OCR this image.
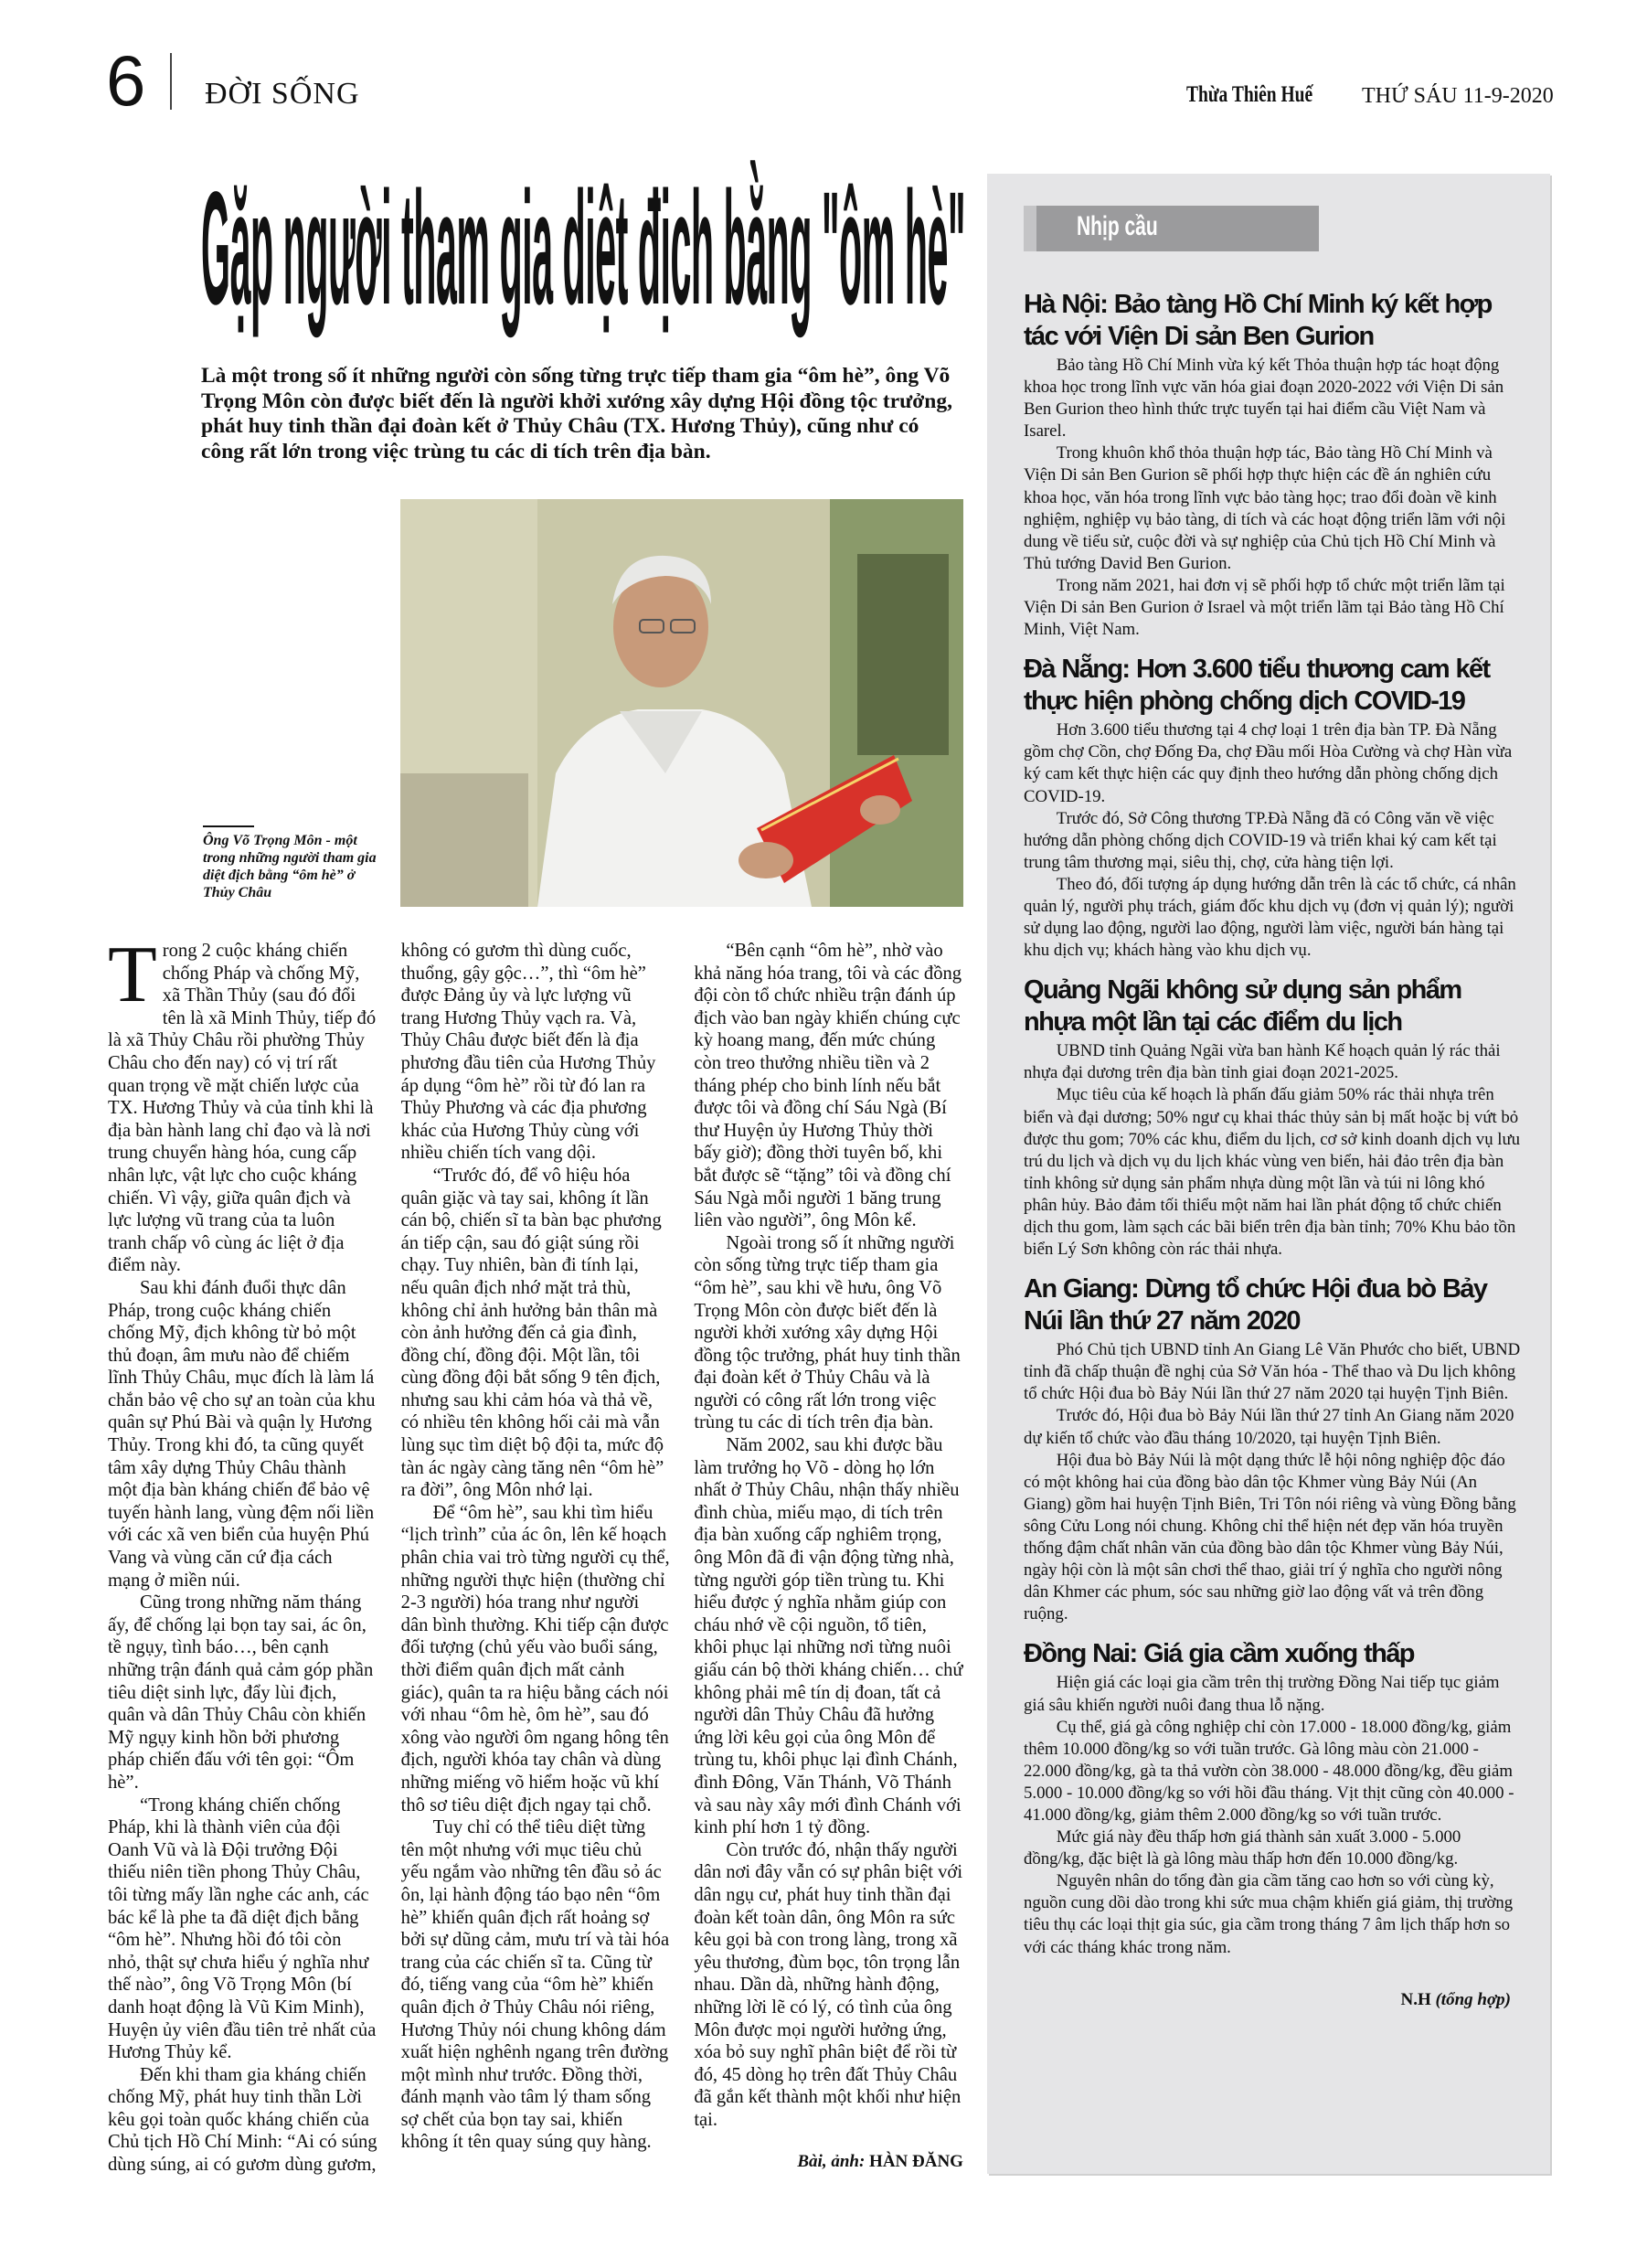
6 ĐỜI SỐNG	Thừa Thiên Huế THỨ SÁU 11-9-2020
Gặp người tham gia diệt địch bằng "ôm hè"
Là một trong số ít những người còn sống từng trực tiếp tham gia “ôm hè”, ông Võ Trọng Môn còn được biết đến là người khởi xướng xây dựng Hội đồng tộc trưởng, phát huy tinh thần đại đoàn kết ở Thủy Châu (TX. Hương Thủy), cũng như có công rất lớn trong việc trùng tu các di tích trên địa bàn.
Ông Võ Trọng Môn - một trong những người tham gia diệt địch bằng “ôm hè” ở Thủy Châu

Trong 2 cuộc kháng chiến chống Pháp và chống Mỹ, xã Thần Thủy (sau đó đổi tên là xã Minh Thủy, tiếp đó là xã Thủy Châu rồi phường Thủy Châu cho đến nay) có vị trí rất quan trọng về mặt chiến lược của TX. Hương Thủy và của tỉnh khi là địa bàn hành lang chỉ đạo và là nơi trung chuyển hàng hóa, cung cấp nhân lực, vật lực cho cuộc kháng chiến. Vì vậy, giữa quân địch và lực lượng vũ trang của ta luôn tranh chấp vô cùng ác liệt ở địa điểm này.

Sau khi đánh đuổi thực dân Pháp, trong cuộc kháng chiến chống Mỹ, địch không từ bỏ một thủ đoạn, âm mưu nào để chiếm lĩnh Thủy Châu, mục đích là làm lá chắn bảo vệ cho sự an toàn của khu quân sự Phú Bài và quận lỵ Hương Thủy. Trong khi đó, ta cũng quyết tâm xây dựng Thủy Châu thành một địa bàn kháng chiến để bảo vệ tuyến hành lang, vùng đệm nối liền với các xã ven biển của huyện Phú Vang và vùng căn cứ địa cách mạng ở miền núi.

Cũng trong những năm tháng ấy, để chống lại bọn tay sai, ác ôn, tề ngụy, tình báo…, bên cạnh những trận đánh quả cảm góp phần tiêu diệt sinh lực, đẩy lùi địch, quân và dân Thủy Châu còn khiến Mỹ ngụy kinh hồn bởi phương pháp chiến đấu với tên gọi: “Ôm hè”.

“Trong kháng chiến chống Pháp, khi là thành viên của đội Oanh Vũ và là Đội trưởng Đội thiếu niên tiền phong Thủy Châu, tôi từng mấy lần nghe các anh, các bác kể là phe ta đã diệt địch bằng “ôm hè”. Nhưng hồi đó tôi còn nhỏ, thật sự chưa hiểu ý nghĩa như thế nào”, ông Võ Trọng Môn (bí danh hoạt động là Vũ Kim Minh), Huyện ủy viên đầu tiên trẻ nhất của Hương Thủy kể.

Đến khi tham gia kháng chiến chống Mỹ, phát huy tinh thần Lời kêu gọi toàn quốc kháng chiến của Chủ tịch Hồ Chí Minh: “Ai có súng dùng súng, ai có gươm dùng gươm, không có gươm thì dùng cuốc, thuổng, gậy gộc…”, thì “ôm hè” được Đảng ủy và lực lượng vũ trang Hương Thủy vạch ra. Và, Thủy Châu được biết đến là địa phương đầu tiên của Hương Thủy áp dụng “ôm hè” rồi từ đó lan ra Thủy Phương và các địa phương khác của Hương Thủy cùng với nhiều chiến tích vang dội.

“Trước đó, để vô hiệu hóa quân giặc và tay sai, không ít lần cán bộ, chiến sĩ ta bàn bạc phương án tiếp cận, sau đó giật súng rồi chạy. Tuy nhiên, bàn đi tính lại, nếu quân địch nhớ mặt trả thù, không chỉ ảnh hưởng bản thân mà còn ảnh hưởng đến cả gia đình, đồng chí, đồng đội. Một lần, tôi cùng đồng đội bắt sống 9 tên địch, nhưng sau khi cảm hóa và thả về, có nhiều tên không hối cải mà vẫn lùng sục tìm diệt bộ đội ta, mức độ tàn ác ngày càng tăng nên “ôm hè” ra đời”, ông Môn nhớ lại.

Để “ôm hè”, sau khi tìm hiểu “lịch trình” của ác ôn, lên kế hoạch phân chia vai trò từng người cụ thể, những người thực hiện (thường chỉ 2-3 người) hóa trang như người dân bình thường. Khi tiếp cận được đối tượng (chủ yếu vào buổi sáng, thời điểm quân địch mất cảnh giác), quân ta ra hiệu bằng cách nói với nhau “ôm hè, ôm hè”, sau đó xông vào người ôm ngang hông tên địch, người khóa tay chân và dùng những miếng võ hiểm hoặc vũ khí thô sơ tiêu diệt địch ngay tại chỗ.

Tuy chỉ có thể tiêu diệt từng tên một nhưng với mục tiêu chủ yếu ngắm vào những tên đầu sỏ ác ôn, lại hành động táo bạo nên “ôm hè” khiến quân địch rất hoảng sợ bởi sự dũng cảm, mưu trí và tài hóa trang của các chiến sĩ ta. Cũng từ đó, tiếng vang của “ôm hè” khiến quân địch ở Thủy Châu nói riêng, Hương Thủy nói chung không dám xuất hiện nghênh ngang trên đường một mình như trước. Đồng thời, đánh mạnh vào tâm lý tham sống sợ chết của bọn tay sai, khiến không ít tên quay súng quy hàng.

“Bên cạnh “ôm hè”, nhờ vào khả năng hóa trang, tôi và các đồng đội còn tổ chức nhiều trận đánh úp địch vào ban ngày khiến chúng cực kỳ hoang mang, đến mức chúng còn treo thưởng nhiều tiền và 2 tháng phép cho binh lính nếu bắt được tôi và đồng chí Sáu Ngà (Bí thư Huyện ủy Hương Thủy thời bấy giờ); đồng thời tuyên bố, khi bắt được sẽ “tặng” tôi và đồng chí Sáu Ngà mỗi người 1 băng trung liên vào người”, ông Môn kể.

Ngoài trong số ít những người còn sống từng trực tiếp tham gia “ôm hè”, sau khi về hưu, ông Võ Trọng Môn còn được biết đến là người khởi xướng xây dựng Hội đồng tộc trưởng, phát huy tinh thần đại đoàn kết ở Thủy Châu và là người có công rất lớn trong việc trùng tu các di tích trên địa bàn.

Năm 2002, sau khi được bầu làm trưởng họ Võ - dòng họ lớn nhất ở Thủy Châu, nhận thấy nhiều đình chùa, miếu mạo, di tích trên địa bàn xuống cấp nghiêm trọng, ông Môn đã đi vận động từng nhà, từng người góp tiền trùng tu. Khi hiểu được ý nghĩa nhằm giúp con cháu nhớ về cội nguồn, tổ tiên, khôi phục lại những nơi từng nuôi giấu cán bộ thời kháng chiến… chứ không phải mê tín dị đoan, tất cả người dân Thủy Châu đã hưởng ứng lời kêu gọi của ông Môn để trùng tu, khôi phục lại đình Chánh, đình Đông, Văn Thánh, Võ Thánh và sau này xây mới đình Chánh với kinh phí hơn 1 tỷ đồng.

Còn trước đó, nhận thấy người dân nơi đây vẫn có sự phân biệt với dân ngụ cư, phát huy tinh thần đại đoàn kết toàn dân, ông Môn ra sức kêu gọi bà con trong làng, trong xã yêu thương, đùm bọc, tôn trọng lẫn nhau. Dần dà, những hành động, những lời lẽ có lý, có tình của ông Môn được mọi người hưởng ứng, xóa bỏ suy nghĩ phân biệt để rồi từ đó, 45 dòng họ trên đất Thủy Châu đã gắn kết thành một khối như hiện tại.

Bài, ảnh: HÀN ĐĂNG

Nhịp cầu
Hà Nội: Bảo tàng Hồ Chí Minh ký kết hợp tác với Viện Di sản Ben Gurion

Bảo tàng Hồ Chí Minh vừa ký kết Thỏa thuận hợp tác hoạt động khoa học trong lĩnh vực văn hóa giai đoạn 2020-2022 với Viện Di sản Ben Gurion theo hình thức trực tuyến tại hai điểm cầu Việt Nam và Isarel.

Trong khuôn khổ thỏa thuận hợp tác, Bảo tàng Hồ Chí Minh và Viện Di sản Ben Gurion sẽ phối hợp thực hiện các đề án nghiên cứu khoa học, văn hóa trong lĩnh vực bảo tàng học; trao đổi đoàn về kinh nghiệm, nghiệp vụ bảo tàng, di tích và các hoạt động triển lãm với nội dung về tiểu sử, cuộc đời và sự nghiệp của Chủ tịch Hồ Chí Minh và Thủ tướng David Ben Gurion.

Trong năm 2021, hai đơn vị sẽ phối hợp tổ chức một triển lãm tại Viện Di sản Ben Gurion ở Israel và một triển lãm tại Bảo tàng Hồ Chí Minh, Việt Nam.

Đà Nẵng: Hơn 3.600 tiểu thương cam kết thực hiện phòng chống dịch COVID-19

Hơn 3.600 tiểu thương tại 4 chợ loại 1 trên địa bàn TP. Đà Nẵng gồm chợ Cồn, chợ Đống Đa, chợ Đầu mối Hòa Cường và chợ Hàn vừa ký cam kết thực hiện các quy định theo hướng dẫn phòng chống dịch COVID-19.

Trước đó, Sở Công thương TP.Đà Nẵng đã có Công văn về việc hướng dẫn phòng chống dịch COVID-19 và triển khai ký cam kết tại trung tâm thương mại, siêu thị, chợ, cửa hàng tiện lợi.

Theo đó, đối tượng áp dụng hướng dẫn trên là các tổ chức, cá nhân quản lý, người phụ trách, giám đốc khu dịch vụ (đơn vị quản lý); người sử dụng lao động, người lao động, người làm việc, người bán hàng tại khu dịch vụ; khách hàng vào khu dịch vụ.

Quảng Ngãi không sử dụng sản phẩm nhựa một lần tại các điểm du lịch

UBND tỉnh Quảng Ngãi vừa ban hành Kế hoạch quản lý rác thải nhựa đại dương trên địa bàn tỉnh giai đoạn 2021-2025.

Mục tiêu của kế hoạch là phấn đấu giảm 50% rác thải nhựa trên biển và đại dương; 50% ngư cụ khai thác thủy sản bị mất hoặc bị vứt bỏ được thu gom; 70% các khu, điểm du lịch, cơ sở kinh doanh dịch vụ lưu trú du lịch và dịch vụ du lịch khác vùng ven biển, hải đảo trên địa bàn tỉnh không sử dụng sản phẩm nhựa dùng một lần và túi ni lông khó phân hủy. Bảo đảm tối thiểu một năm hai lần phát động tổ chức chiến dịch thu gom, làm sạch các bãi biển trên địa bàn tỉnh; 70% Khu bảo tồn biển Lý Sơn không còn rác thải nhựa.

An Giang: Dừng tổ chức Hội đua bò Bảy Núi lần thứ 27 năm 2020

Phó Chủ tịch UBND tỉnh An Giang Lê Văn Phước cho biết, UBND tỉnh đã chấp thuận đề nghị của Sở Văn hóa - Thể thao và Du lịch không tổ chức Hội đua bò Bảy Núi lần thứ 27 năm 2020 tại huyện Tịnh Biên.

Trước đó, Hội đua bò Bảy Núi lần thứ 27 tỉnh An Giang năm 2020 dự kiến tổ chức vào đầu tháng 10/2020, tại huyện Tịnh Biên.

Hội đua bò Bảy Núi là một dạng thức lễ hội nông nghiệp độc đáo có một không hai của đồng bào dân tộc Khmer vùng Bảy Núi (An Giang) gồm hai huyện Tịnh Biên, Tri Tôn nói riêng và vùng Đồng bằng sông Cửu Long nói chung. Không chỉ thể hiện nét đẹp văn hóa truyền thống đậm chất nhân văn của đồng bào dân tộc Khmer vùng Bảy Núi, ngày hội còn là một sân chơi thể thao, giải trí ý nghĩa cho người nông dân Khmer các phum, sóc sau những giờ lao động vất vả trên đồng ruộng.

Đồng Nai: Giá gia cầm xuống thấp

Hiện giá các loại gia cầm trên thị trường Đồng Nai tiếp tục giảm giá sâu khiến người nuôi đang thua lỗ nặng.

Cụ thể, giá gà công nghiệp chỉ còn 17.000 - 18.000 đồng/kg, giảm thêm 10.000 đồng/kg so với tuần trước. Gà lông màu còn 21.000 - 22.000 đồng/kg, gà ta thả vườn còn 38.000 - 48.000 đồng/kg, đều giảm 5.000 - 10.000 đồng/kg so với hồi đầu tháng. Vịt thịt cũng còn 40.000 - 41.000 đồng/kg, giảm thêm 2.000 đồng/kg so với tuần trước.

Mức giá này đều thấp hơn giá thành sản xuất 3.000 - 5.000 đồng/kg, đặc biệt là gà lông màu thấp hơn đến 10.000 đồng/kg.

Nguyên nhân do tổng đàn gia cầm tăng cao hơn so với cùng kỳ, nguồn cung dồi dào trong khi sức mua chậm khiến giá giảm, thị trường tiêu thụ các loại thịt gia súc, gia cầm trong tháng 7 âm lịch thấp hơn so với các tháng khác trong năm.

N.H (tổng hợp)
